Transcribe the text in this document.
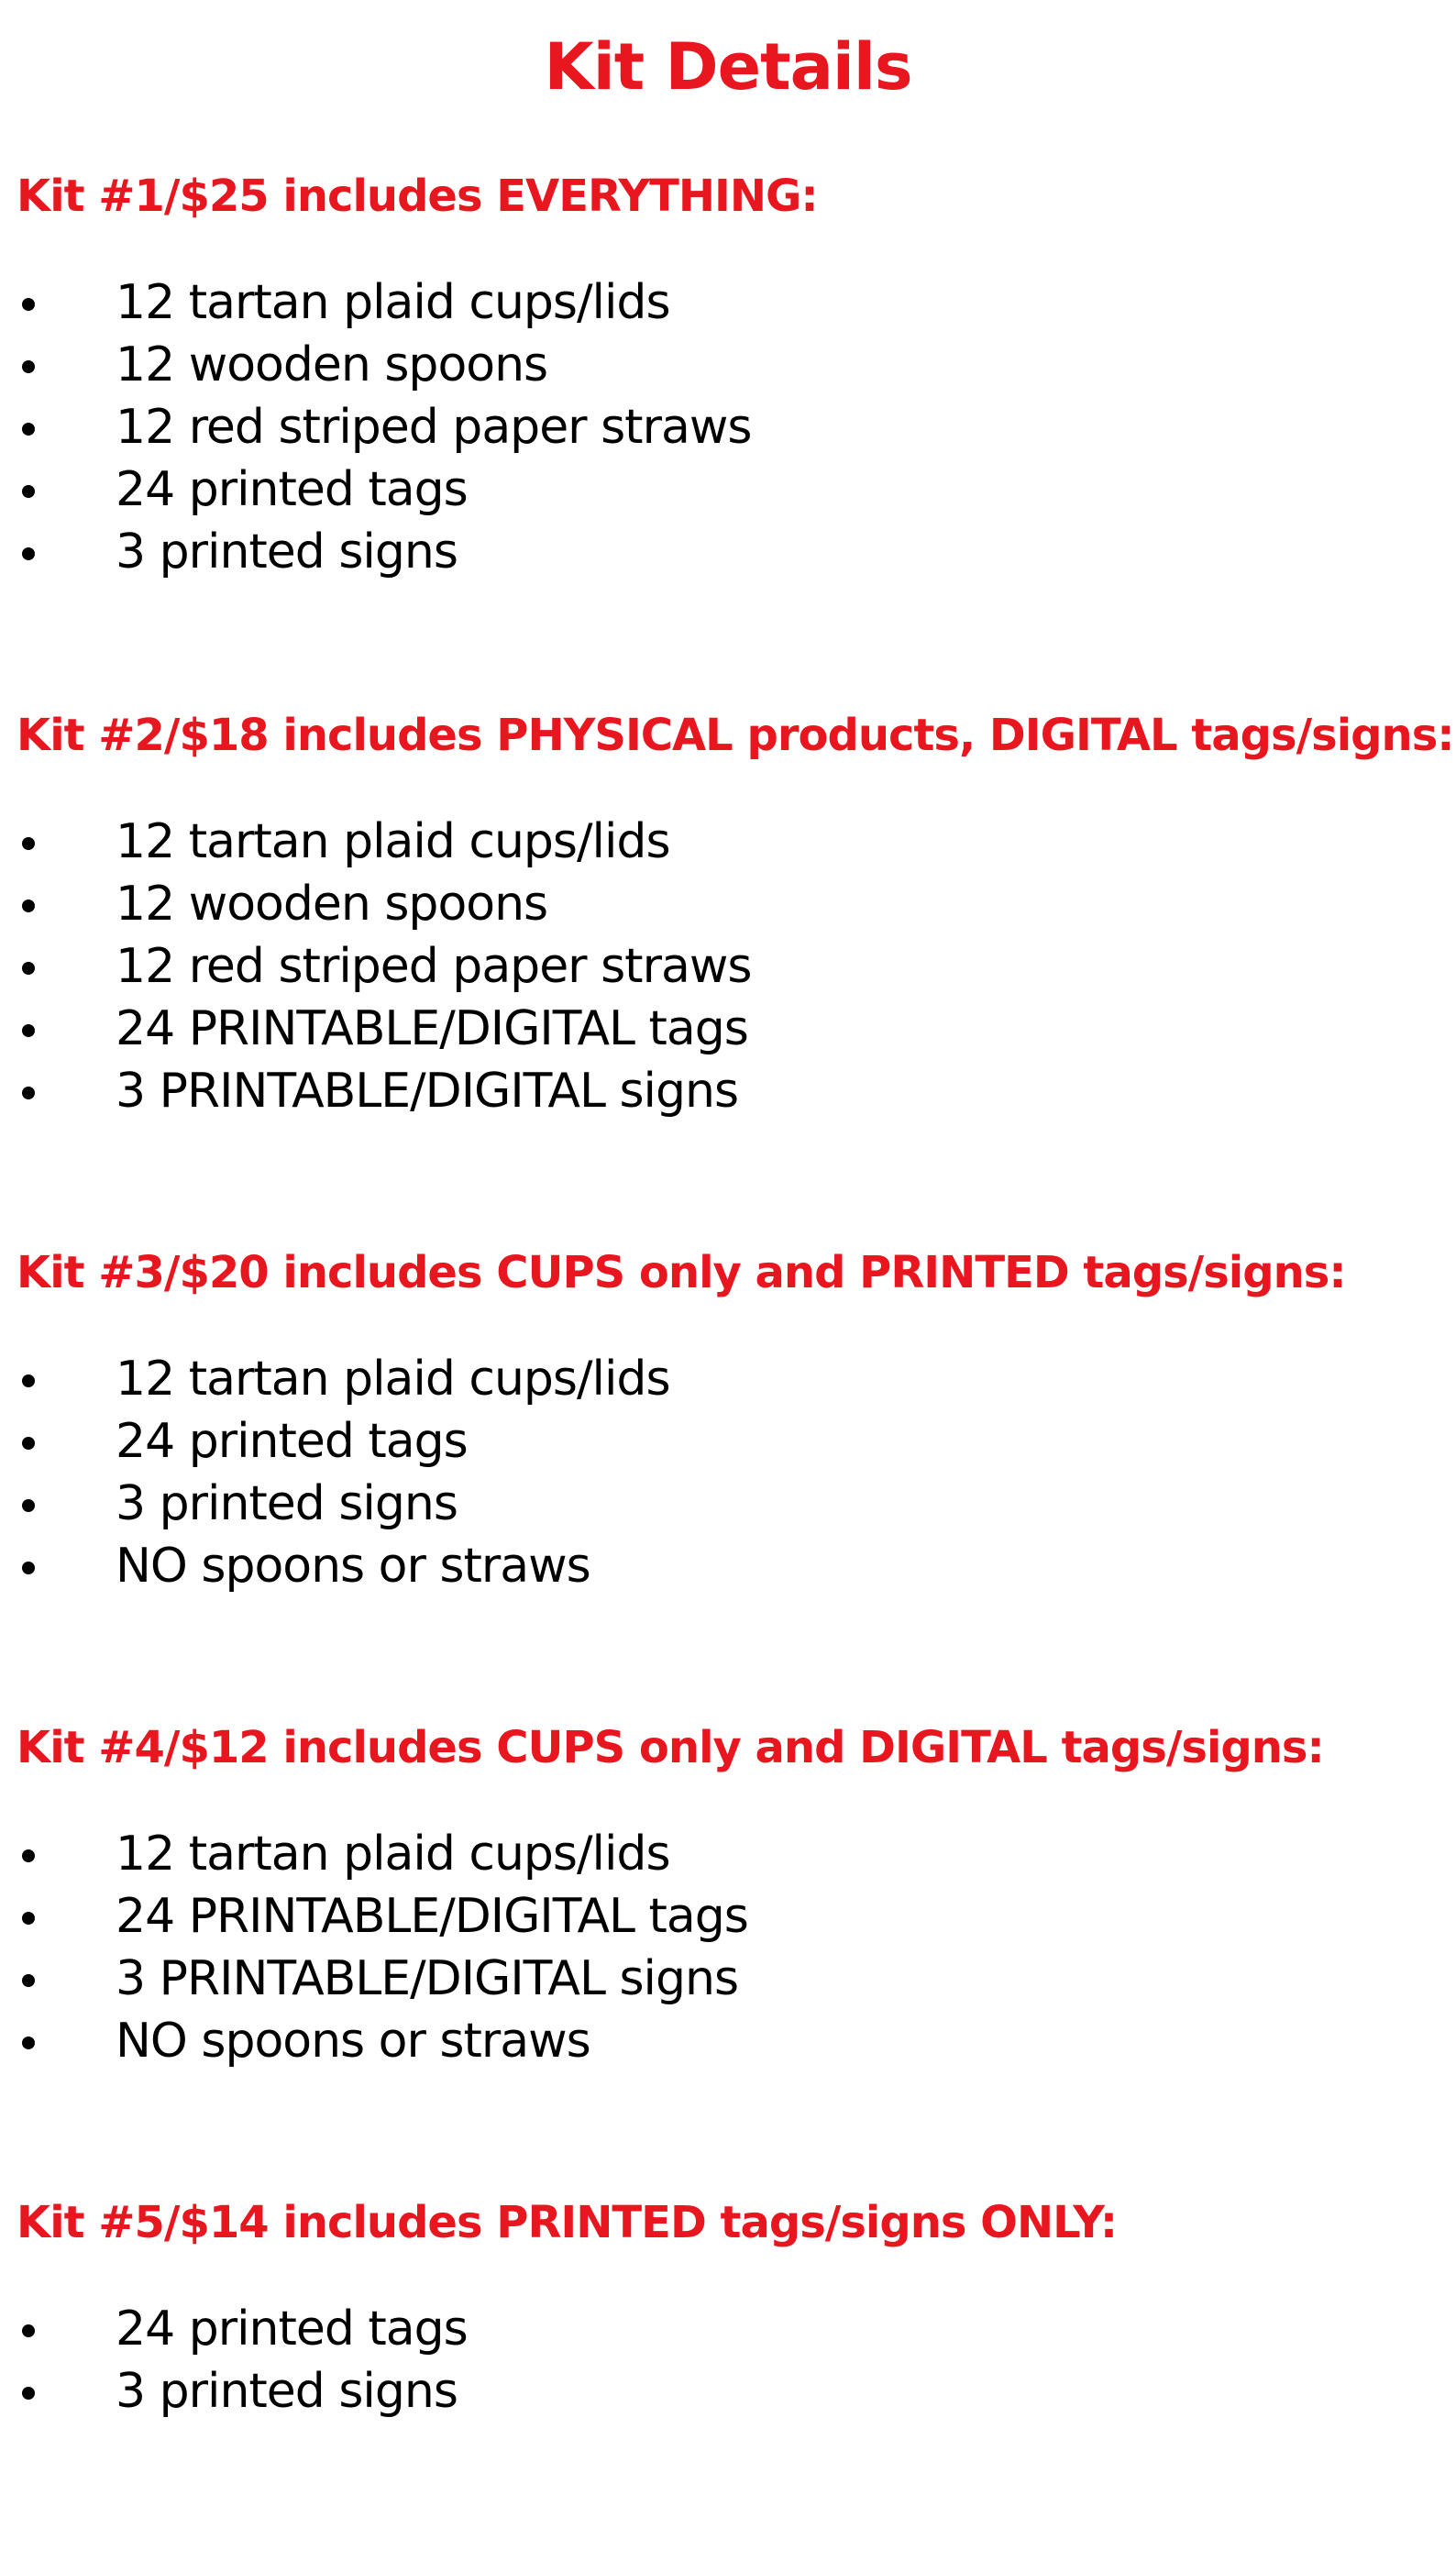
Kit Details
Kit #1/$25 includes EVERYTHING:
12 tartan plaid cups/lids
12 wooden spoons
12 red striped paper straws
24 printed tags
3 printed signs
Kit #2/$18 includes PHYSICAL products, DIGITAL tags/signs:
12 tartan plaid cups/lids
12 wooden spoons
12 red striped paper straws
24 PRINTABLE/DIGITAL tags
3 PRINTABLE/DIGITAL signs
Kit #3/$20 includes CUPS only and PRINTED tags/signs:
12 tartan plaid cups/lids
24 printed tags
3 printed signs
NO spoons or straws
Kit #4/$12 includes CUPS only and DIGITAL tags/signs:
12 tartan plaid cups/lids
24 PRINTABLE/DIGITAL tags
3 PRINTABLE/DIGITAL signs
NO spoons or straws
Kit #5/$14 includes PRINTED tags/signs ONLY:
24 printed tags
3 printed signs
